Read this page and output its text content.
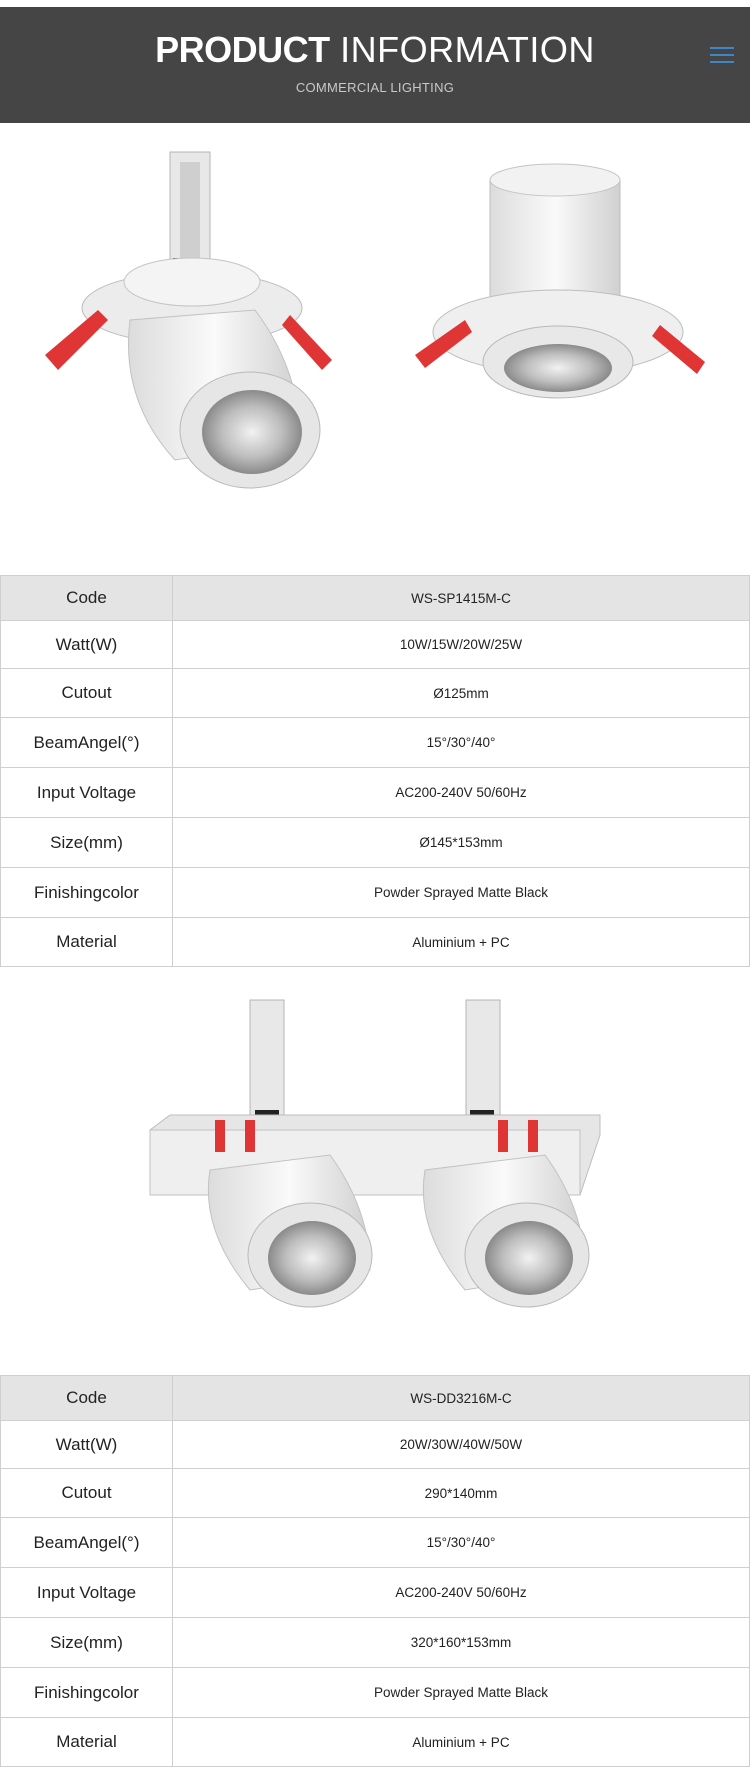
PRODUCT INFORMATION
COMMERCIAL LIGHTING
Code	WS-SP1415M-C
Watt(W)	10W/15W/20W/25W
Cutout	Ø125mm
BeamAngel(°)	15°/30°/40°
Input Voltage	AC200-240V 50/60Hz
Size(mm)	Ø145*153mm
Finishingcolor	Powder Sprayed Matte Black
Material	Aluminium + PC
Code	WS-DD3216M-C
Watt(W)	20W/30W/40W/50W
Cutout	290*140mm
BeamAngel(°)	15°/30°/40°
Input Voltage	AC200-240V 50/60Hz
Size(mm)	320*160*153mm
Finishingcolor	Powder Sprayed Matte Black
Material	Aluminium + PC
